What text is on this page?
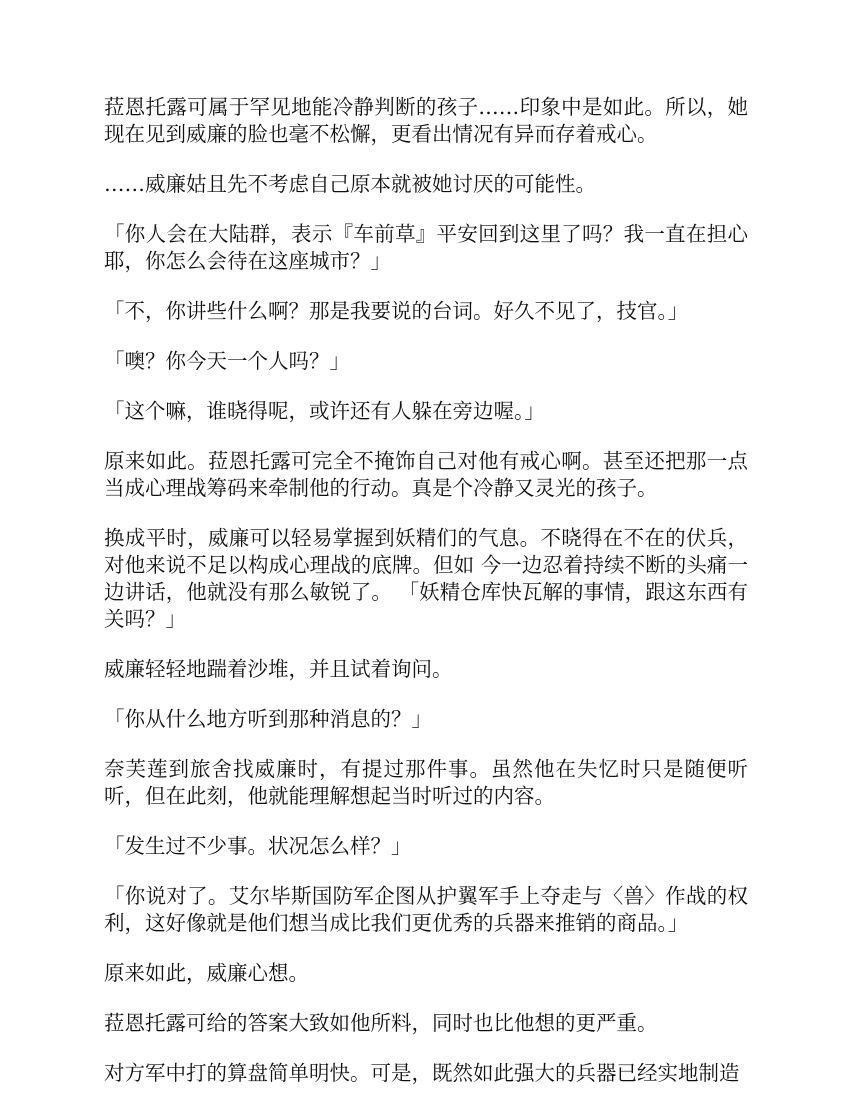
菈恩托露可属于罕见地能冷静判断的孩子……印象中是如此。所以，她现在见到威廉的脸也毫不松懈，更看出情况有异而存着戒心。

……威廉姑且先不考虑自己原本就被她讨厌的可能性。

「你人会在大陆群，表示『车前草』平安回到这里了吗？我一直在担心耶，你怎么会待在这座城市？」

「不，你讲些什么啊？那是我要说的台词。好久不见了，技官。」

「噢？你今天一个人吗？」

「这个嘛，谁晓得呢，或许还有人躲在旁边喔。」

原来如此。菈恩托露可完全不掩饰自己对他有戒心啊。甚至还把那一点当成心理战筹码来牵制他的行动。真是个冷静又灵光的孩子。

换成平时，威廉可以轻易掌握到妖精们的气息。不晓得在不在的伏兵，对他来说不足以构成心理战的底牌。但如 今一边忍着持续不断的头痛一边讲话，他就没有那么敏锐了。 「妖精仓库快瓦解的事情，跟这东西有关吗？」

威廉轻轻地踹着沙堆，并且试着询问。

「你从什么地方听到那种消息的？」

奈芙莲到旅舍找威廉时，有提过那件事。虽然他在失忆时只是随便听听，但在此刻，他就能理解想起当时听过的内容。

「发生过不少事。状况怎么样？」

「你说对了。艾尔毕斯国防军企图从护翼军手上夺走与〈兽〉作战的权利，这好像就是他们想当成比我们更优秀的兵器来推销的商品。」

原来如此，威廉心想。

菈恩托露可给的答案大致如他所料，同时也比他想的更严重。

对方军中打的算盘简单明快。可是，既然如此强大的兵器已经实地制造
